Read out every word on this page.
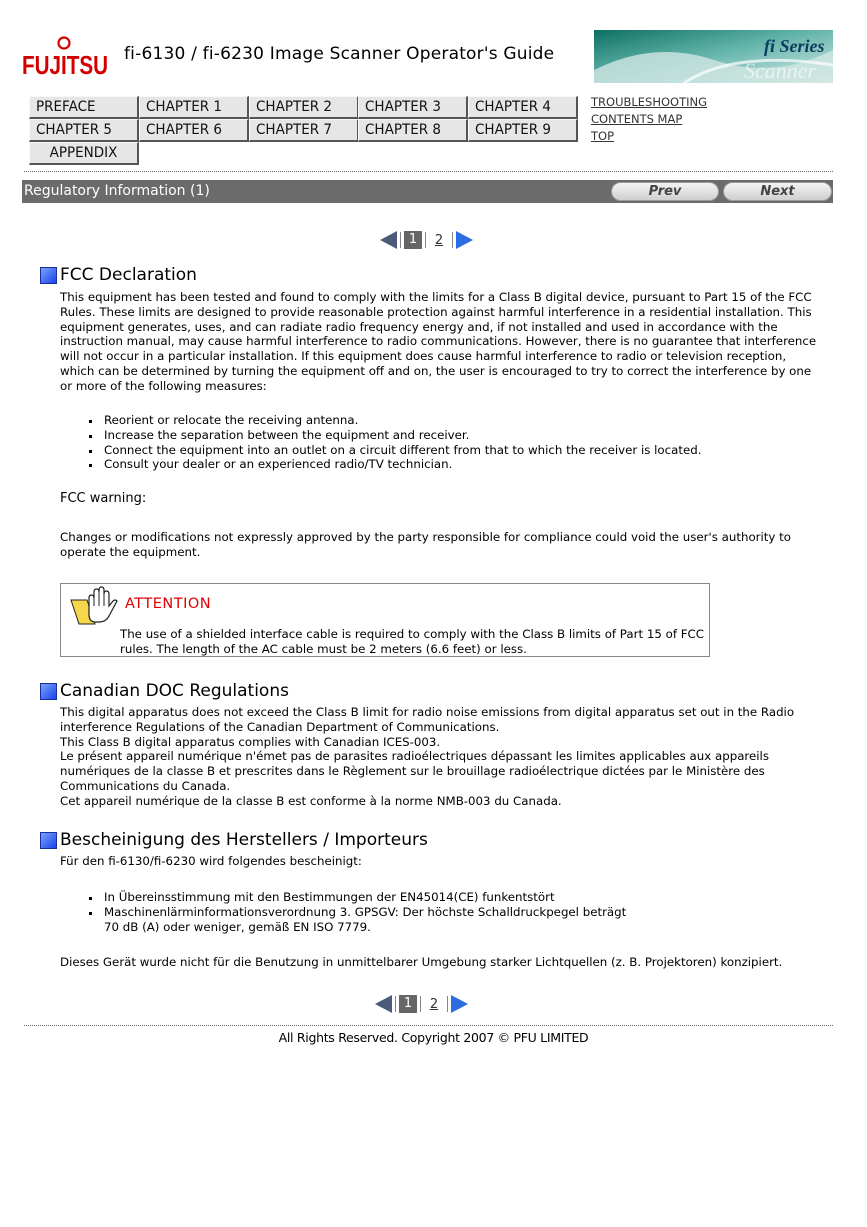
FUJITSU fi-6130 / fi-6230 Image Scanner Operator's Guide	fi Series
Scanner
PREFACE	CHAPTER 1	CHAPTER 2	CHAPTER 3	CHAPTER 4
CHAPTER 5	CHAPTER 6	CHAPTER 7	CHAPTER 8	CHAPTER 9
APPENDIX
TROUBLESHOOTING
CONTENTS MAP
TOP
Regulatory Information (1)	Prev	Next
1	2
FCC Declaration
This equipment has been tested and found to comply with the limits for a Class B digital device, pursuant to Part 15 of the FCC Rules. These limits are designed to provide reasonable protection against harmful interference in a residential installation. This equipment generates, uses, and can radiate radio frequency energy and, if not installed and used in accordance with the instruction manual, may cause harmful interference to radio communications. However, there is no guarantee that interference will not occur in a particular installation. If this equipment does cause harmful interference to radio or television reception, which can be determined by turning the equipment off and on, the user is encouraged to try to correct the interference by one or more of the following measures:
Reorient or relocate the receiving antenna.
Increase the separation between the equipment and receiver.
Connect the equipment into an outlet on a circuit different from that to which the receiver is located.
Consult your dealer or an experienced radio/TV technician.
FCC warning:
Changes or modifications not expressly approved by the party responsible for compliance could void the user's authority to operate the equipment.
ATTENTION
The use of a shielded interface cable is required to comply with the Class B limits of Part 15 of FCC rules. The length of the AC cable must be 2 meters (6.6 feet) or less.
Canadian DOC Regulations

This digital apparatus does not exceed the Class B limit for radio noise emissions from digital apparatus set out in the Radio interference Regulations of the Canadian Department of Communications.

This Class B digital apparatus complies with Canadian ICES-003.

Le présent appareil numérique n'émet pas de parasites radioélectriques dépassant les limites applicables aux appareils numériques de la classe B et prescrites dans le Règlement sur le brouillage radioélectrique dictées par le Ministère des Communications du Canada.

Cet appareil numérique de la classe B est conforme à la norme NMB-003 du Canada.

Bescheinigung des Herstellers / Importeurs
Für den fi-6130/fi-6230 wird folgendes bescheinigt:
In Übereinsstimmung mit den Bestimmungen der EN45014(CE) funkentstört
Maschinenlärminformationsverordnung 3. GPSGV: Der höchste Schalldruckpegel beträgt
70 dB (A) oder weniger, gemäß EN ISO 7779.
Dieses Gerät wurde nicht für die Benutzung in unmittelbarer Umgebung starker Lichtquellen (z. B. Projektoren) konzipiert.
1	2
All Rights Reserved. Copyright 2007 © PFU LIMITED
